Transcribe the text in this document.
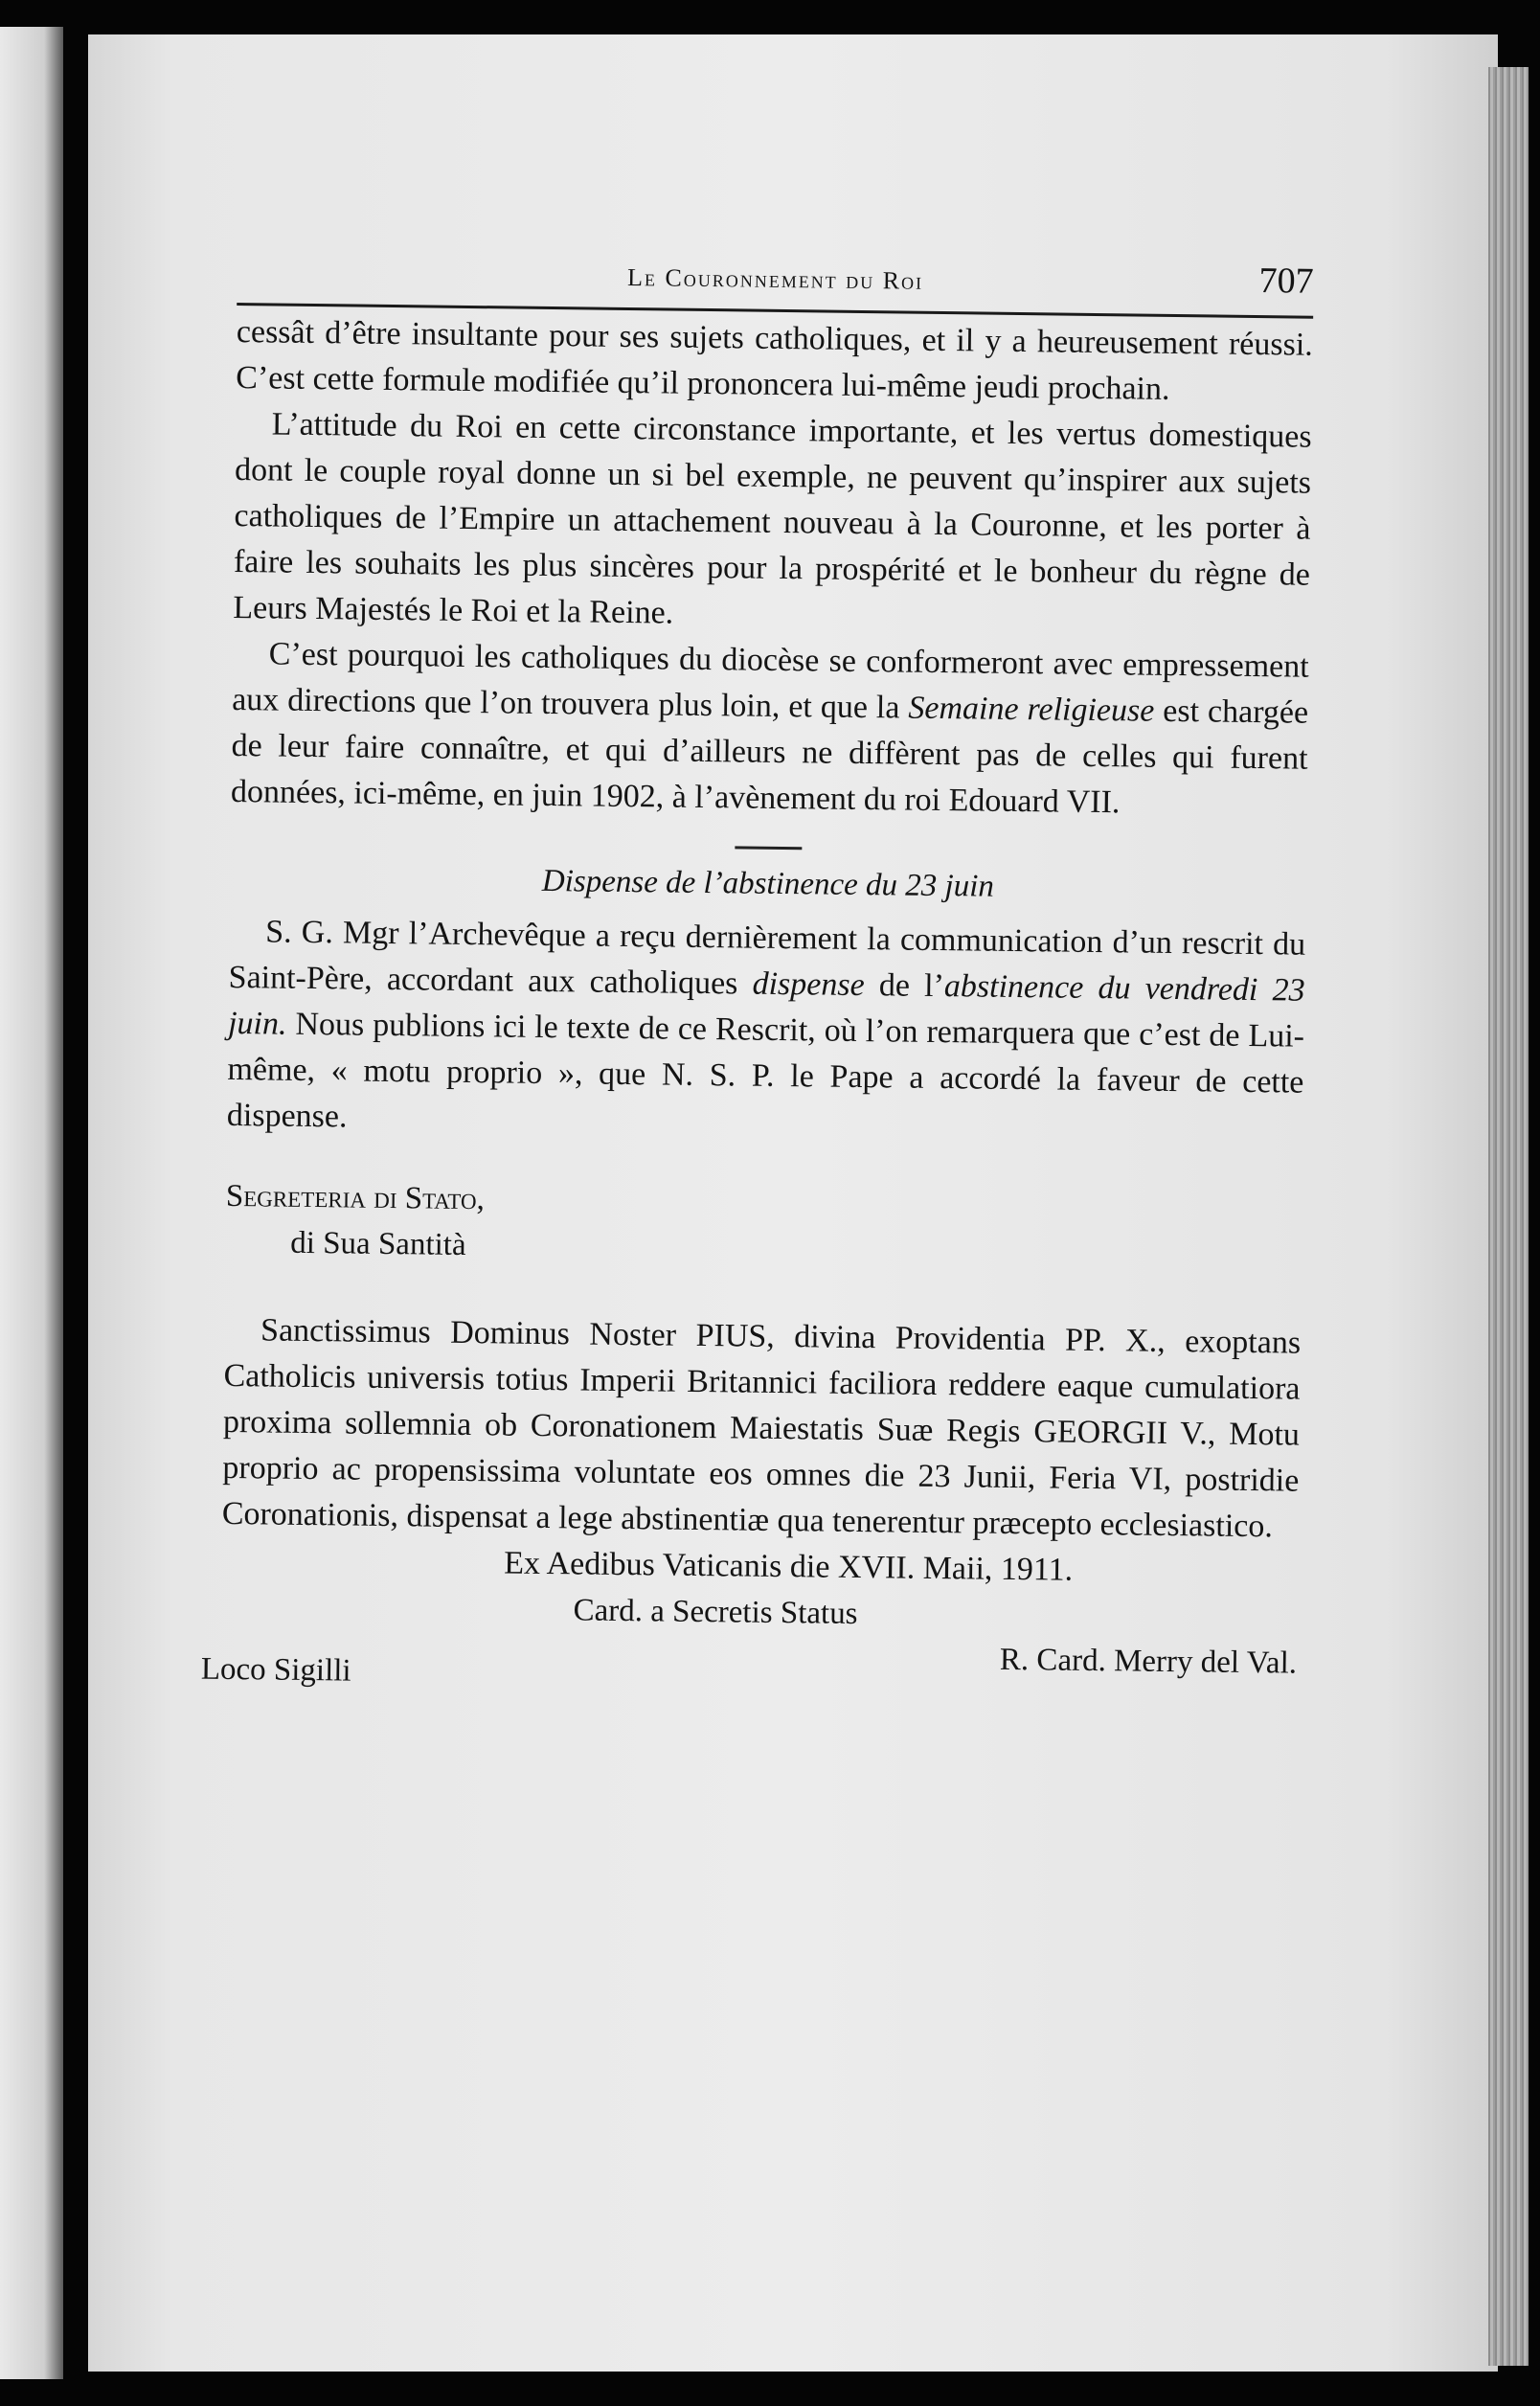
Le Couronnement du Roi	707

cessât d’être insultante pour ses sujets catholiques, et il y a heureusement réussi. C’est cette formule modifiée qu’il prononcera lui-même jeudi prochain.

L’attitude du Roi en cette circonstance importante, et les vertus domestiques dont le couple royal donne un si bel exemple, ne peuvent qu’inspirer aux sujets catholiques de l’Empire un attachement nouveau à la Couronne, et les porter à faire les souhaits les plus sincères pour la prospérité et le bonheur du règne de Leurs Majestés le Roi et la Reine.

C’est pourquoi les catholiques du diocèse se conformeront avec empressement aux directions que l’on trouvera plus loin, et que la Semaine religieuse est chargée de leur faire connaître, et qui d’ailleurs ne diffèrent pas de celles qui furent données, ici-même, en juin 1902, à l’avènement du roi Edouard VII.

Dispense de l’abstinence du 23 juin

S. G. Mgr l’Archevêque a reçu dernièrement la communication d’un rescrit du Saint-Père, accordant aux catholiques dispense de l’abstinence du vendredi 23 juin. Nous publions ici le texte de ce Rescrit, où l’on remarquera que c’est de Lui-même, « motu proprio », que N. S. P. le Pape a accordé la faveur de cette dispense.

Segreteria di Stato,
di Sua Santità

Sanctissimus Dominus Noster PIUS, divina Providentia PP. X., exoptans Catholicis universis totius Imperii Britannici faciliora reddere eaque cumulatiora proxima sollemnia ob Coronationem Maiestatis Suæ Regis GEORGII V., Motu proprio ac propensissima voluntate eos omnes die 23 Junii, Feria VI, postridie Coronationis, dispensat a lege abstinentiæ qua tenerentur præcepto ecclesiastico.

Ex Aedibus Vaticanis die XVII. Maii, 1911.
Card. a Secretis Status
Loco Sigilli	R. Card. Merry del Val.
